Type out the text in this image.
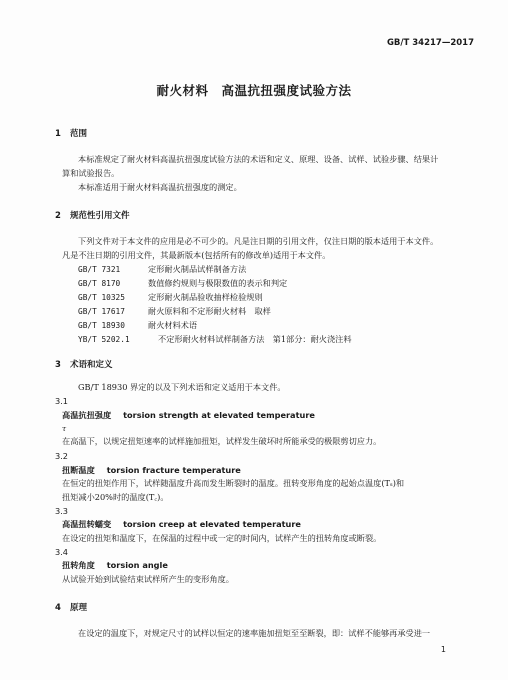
GB/T 34217—2017
耐火材料　高温抗扭强度试验方法
1 范围
本标准规定了耐火材料高温抗扭强度试验方法的术语和定义、原理、设备、试样、试验步骤、结果计
算和试验报告。
本标准适用于耐火材料高温抗扭强度的测定。
2 规范性引用文件
下列文件对于本文件的应用是必不可少的。凡是注日期的引用文件，仅注日期的版本适用于本文件。
凡是不注日期的引用文件，其最新版本(包括所有的修改单)适用于本文件。
GB/T 7321	定形耐火制品试样制备方法
GB/T 8170	数值修约规则与极限数值的表示和判定
GB/T 10325	定形耐火制品验收抽样检验规则
GB/T 17617	耐火原料和不定形耐火材料　取样
GB/T 18930	耐火材料术语
YB/T 5202.1	不定形耐火材料试样制备方法　第1部分：耐火浇注料
3 术语和定义
GB/T 18930 界定的以及下列术语和定义适用于本文件。
3.1
高温抗扭强度 torsion strength at elevated temperature
τ
在高温下，以规定扭矩速率的试样施加扭矩，试样发生破坏时所能承受的极限剪切应力。
3.2
扭断温度 torsion fracture temperature
在恒定的扭矩作用下，试样随温度升高而发生断裂时的温度。扭转变形角度的起始点温度(Tₛ)和
扭矩减小20%时的温度(T꜀)。
3.3
高温扭转蠕变 torsion creep at elevated temperature
在设定的扭矩和温度下，在保温的过程中或一定的时间内，试样产生的扭转角度或断裂。
3.4
扭转角度 torsion angle
从试验开始到试验结束试样所产生的变形角度。
4 原理
在设定的温度下，对规定尺寸的试样以恒定的速率施加扭矩至至断裂，即：试样不能够再承受进一
1
